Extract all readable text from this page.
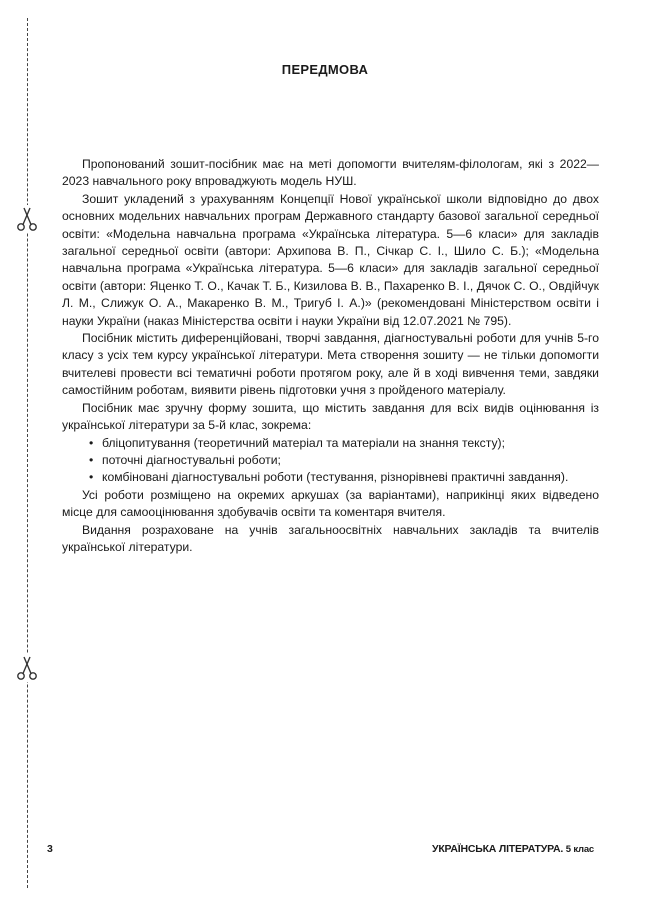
ПЕРЕДМОВА

Пропонований зошит-посібник має на меті допомогти вчителям-філологам, які з 2022—2023 навчального року впроваджують модель НУШ.

Зошит укладений з урахуванням Концепції Нової української школи відповідно до двох основних модельних навчальних програм Державного стандарту базової загальної середньої освіти: «Модельна навчальна програма «Українська література. 5—6 класи» для закладів загальної середньої освіти (автори: Архипова В. П., Січкар С. І., Шило С. Б.); «Модельна навчальна програма «Українська література. 5—6 класи» для закладів загальної середньої освіти (автори: Яценко Т. О., Качак Т. Б., Кизилова В. В., Пахаренко В. І., Дячок С. О., Овдійчук Л. М., Слижук О. А., Макаренко В. М., Тригуб І. А.)» (рекомендовані Міністерством освіти і науки України (наказ Міністерства освіти і науки України від 12.07.2021 № 795).

Посібник містить диференційовані, творчі завдання, діагностувальні роботи для учнів 5-го класу з усіх тем курсу української літератури. Мета створення зошиту — не тільки допомогти вчителеві провести всі тематичні роботи протягом року, але й в ході вивчення теми, завдяки самостійним роботам, виявити рівень підготовки учня з пройденого матеріалу.

Посібник має зручну форму зошита, що містить завдання для всіх видів оцінювання із української літератури за 5-й клас, зокрема:

• бліцопитування (теоретичний матеріал та матеріали на знання тексту);
• поточні діагностувальні роботи;
• комбіновані діагностувальні роботи (тестування, різнорівневі практичні завдання).

Усі роботи розміщено на окремих аркушах (за варіантами), наприкінці яких відведено місце для самооцінювання здобувачів освіти та коментаря вчителя.

Видання розраховане на учнів загальноосвітніх навчальних закладів та вчителів української літератури.

3	УКРАЇНСЬКА ЛІТЕРАТУРА. 5 клас
